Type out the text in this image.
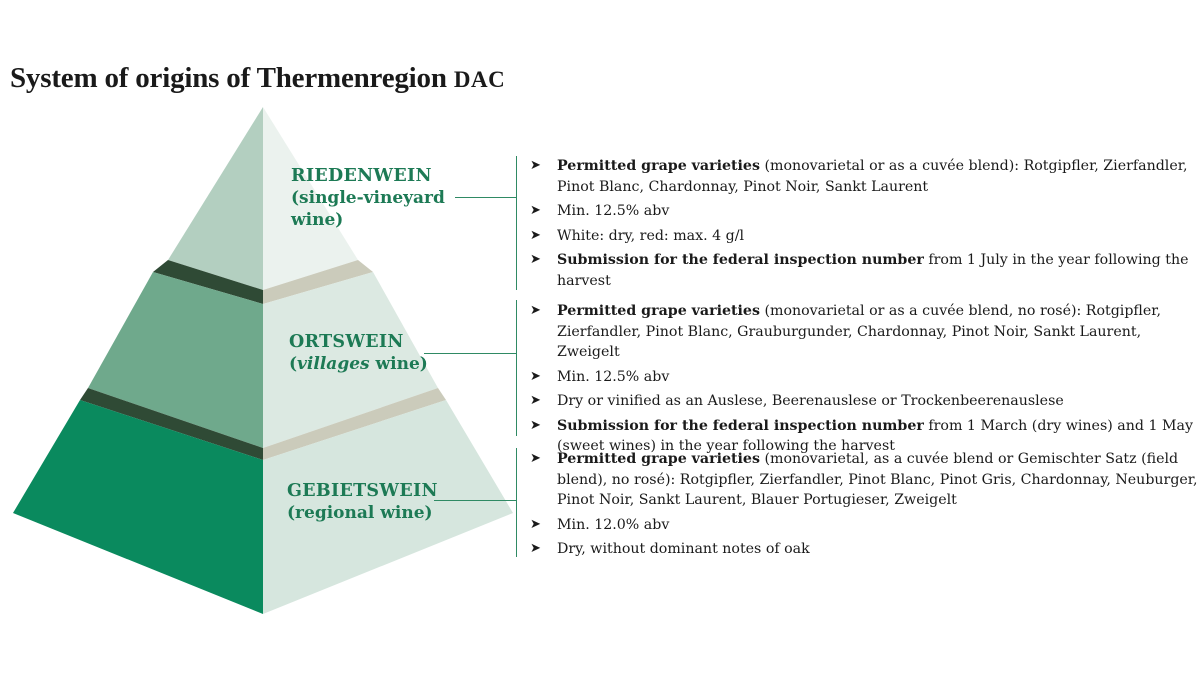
System of origins of Thermenregion DAC
RIEDENWEIN
(single-vineyard
wine)
ORTSWEIN
(villages wine)
GEBIETSWEIN
(regional wine)
➤ Permitted grape varieties (monovarietal or as a cuvée blend): Rotgipfler, Zierfandler, Pinot Blanc, Chardonnay, Pinot Noir, Sankt Laurent
➤ Min. 12.5% abv
➤ White: dry, red: max. 4 g/l
➤ Submission for the federal inspection number from 1 July in the year following the harvest
➤ Permitted grape varieties (monovarietal or as a cuvée blend, no rosé): Rotgipfler, Zierfandler, Pinot Blanc, Grauburgunder, Chardonnay, Pinot Noir, Sankt Laurent, Zweigelt
➤ Min. 12.5% abv
➤ Dry or vinified as an Auslese, Beerenauslese or Trockenbeerenauslese
➤ Submission for the federal inspection number from 1 March (dry wines) and 1 May (sweet wines) in the year following the harvest
➤ Permitted grape varieties (monovarietal, as a cuvée blend or Gemischter Satz (field blend), no rosé): Rotgipfler, Zierfandler, Pinot Blanc, Pinot Gris, Chardonnay, Neuburger, Pinot Noir, Sankt Laurent, Blauer Portugieser, Zweigelt
➤ Min. 12.0% abv
➤ Dry, without dominant notes of oak
